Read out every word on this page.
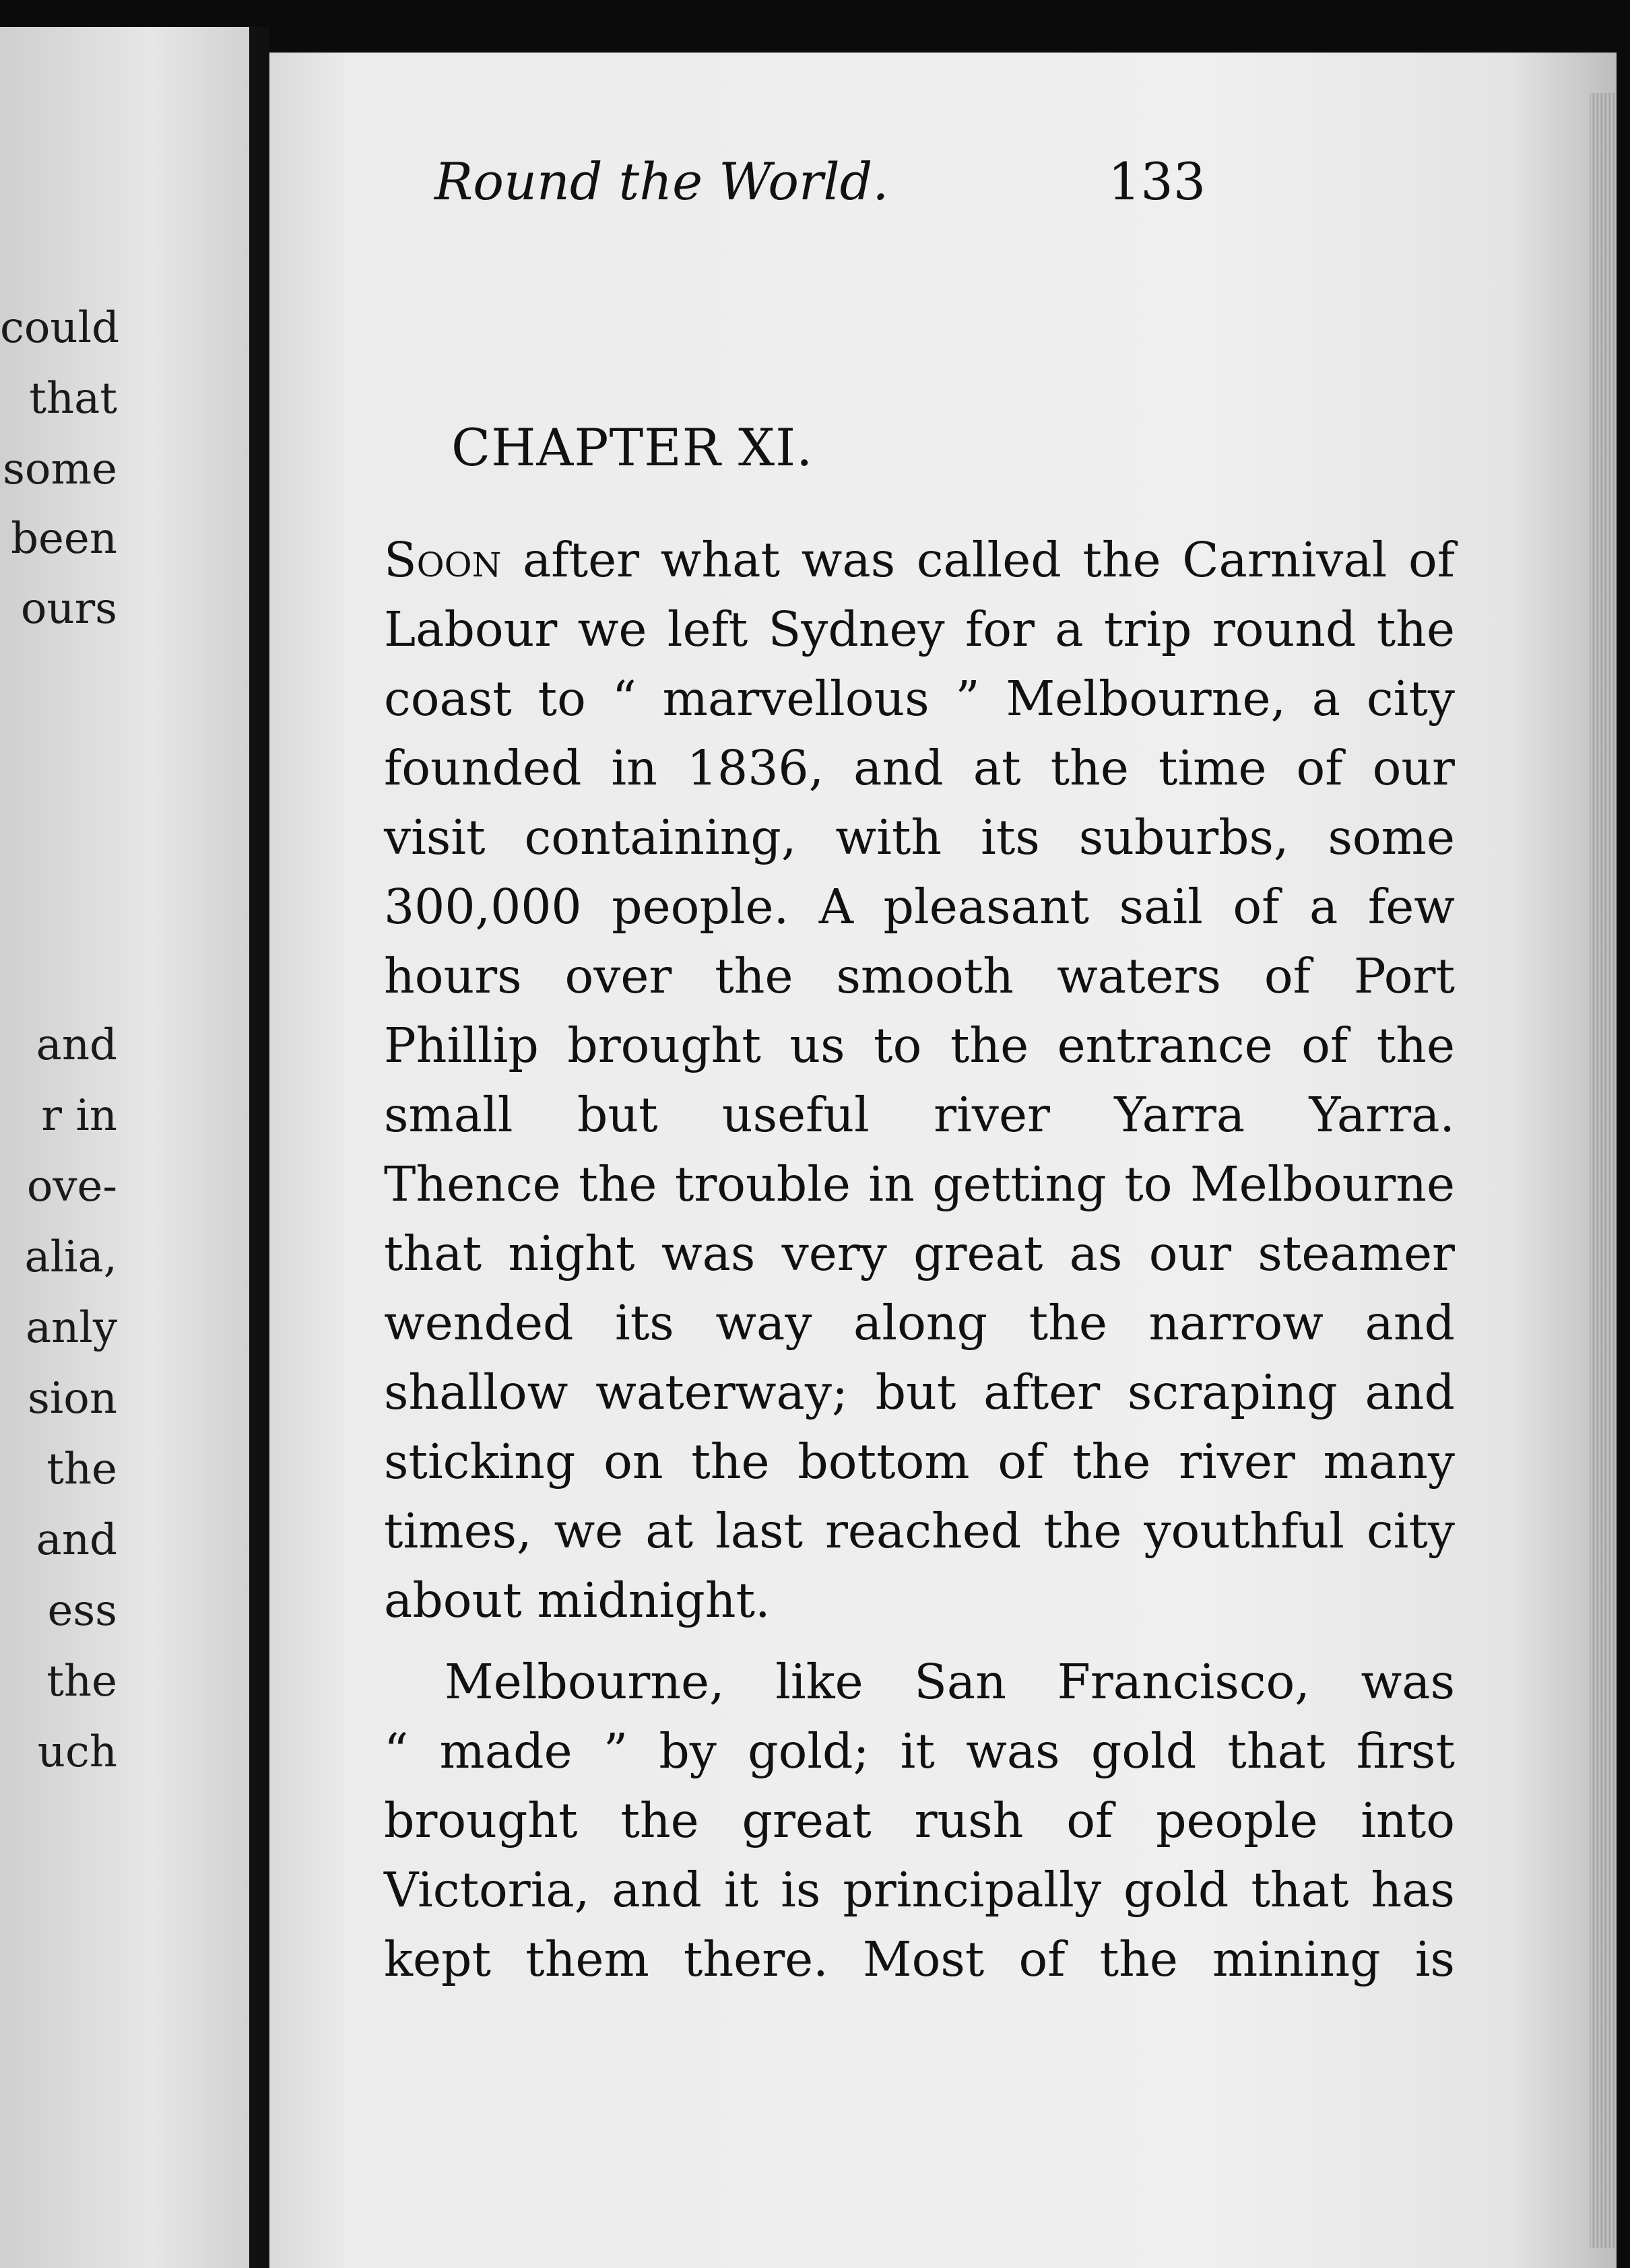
could
that
some
been
ours
and
r in
ove-
alia,
anly
sion
the
and
ess
the
uch
Round the World.	133
CHAPTER XI.
Soon after what was called the Carnival of
Labour we left Sydney for a trip round the
coast to “ marvellous ” Melbourne, a city
founded in 1836, and at the time of our
visit containing, with its suburbs, some
300,000 people. A pleasant sail of a few
hours over the smooth waters of Port
Phillip brought us to the entrance of the
small but useful river Yarra Yarra.
Thence the trouble in getting to Melbourne
that night was very great as our steamer
wended its way along the narrow and
shallow waterway; but after scraping and
sticking on the bottom of the river many
times, we at last reached the youthful city
about midnight.
Melbourne, like San Francisco, was
“ made ” by gold; it was gold that first
brought the great rush of people into
Victoria, and it is principally gold that has
kept them there. Most of the mining is
